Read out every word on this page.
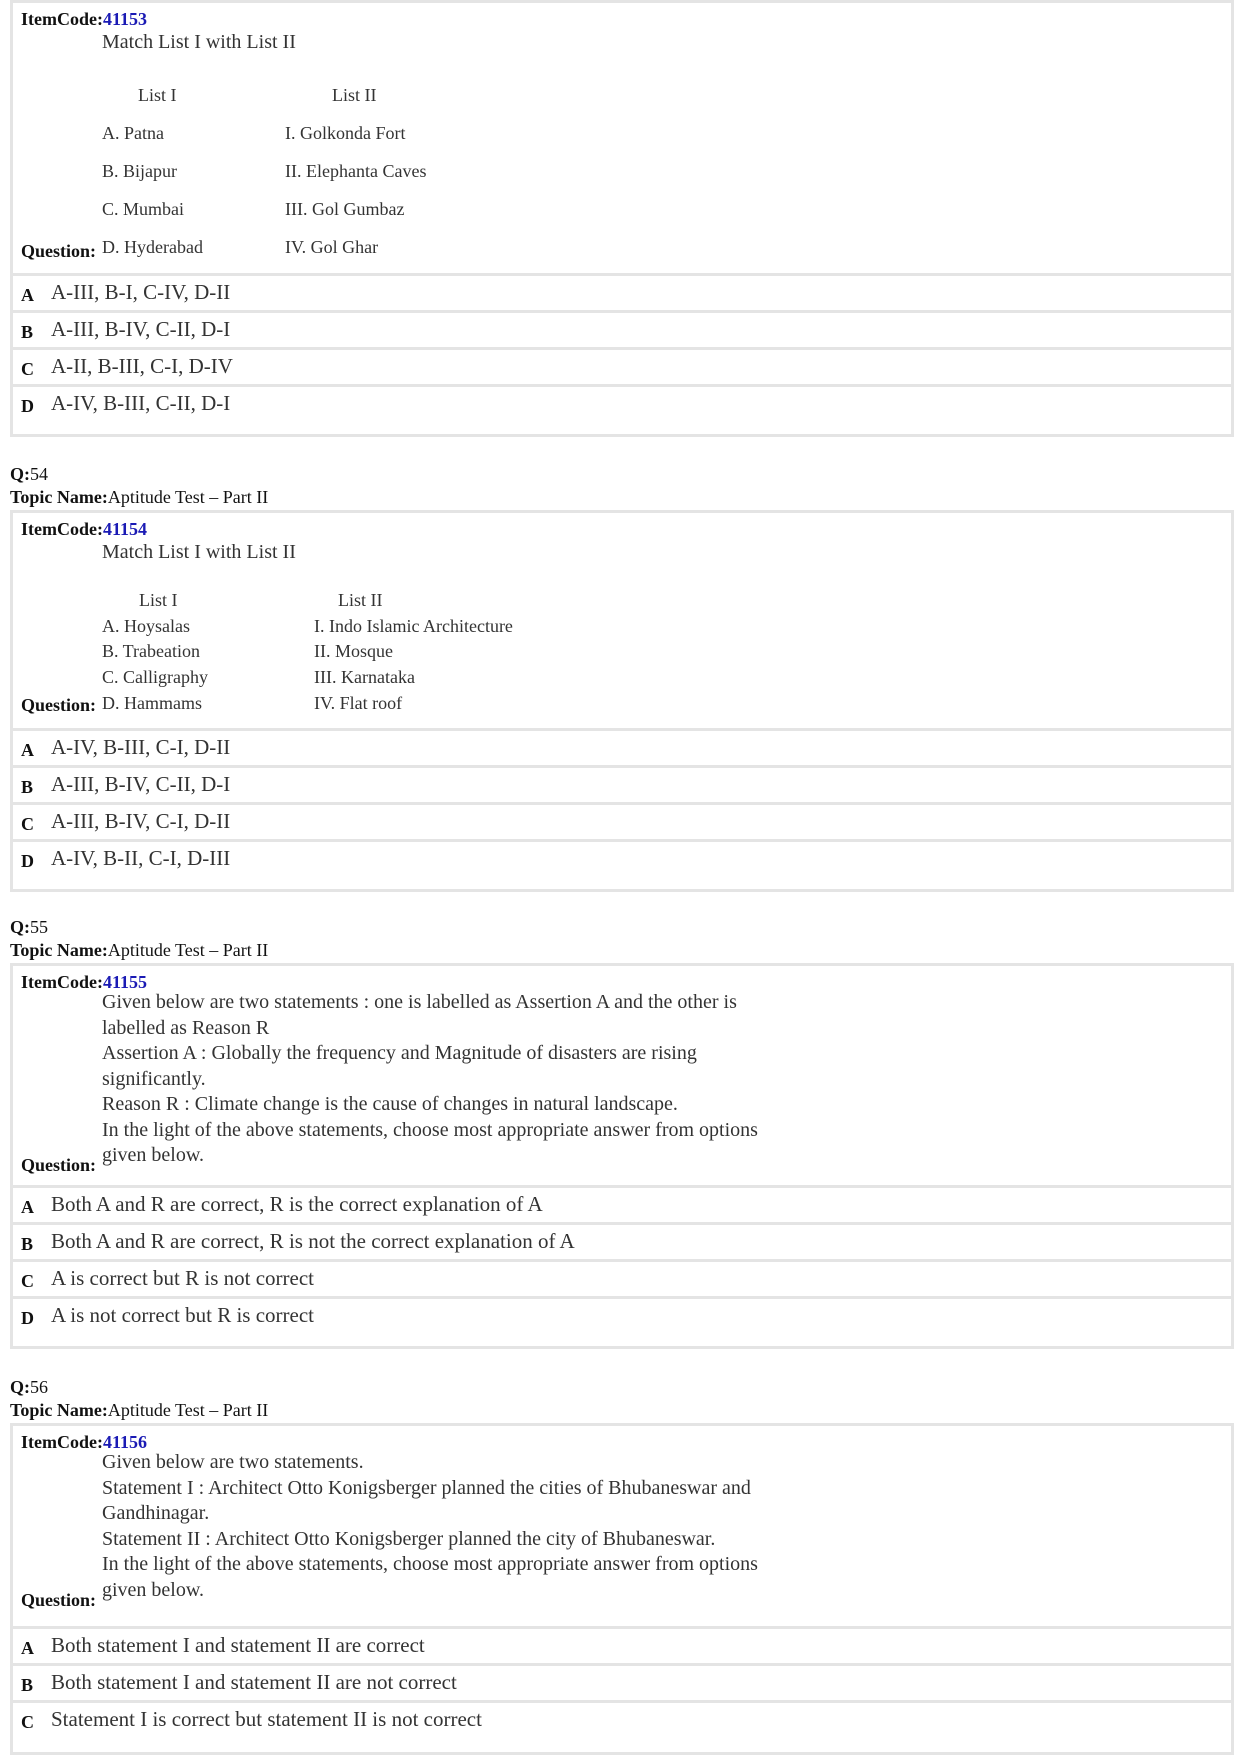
ItemCode:41153
Match List I with List II
List I	List II
A. Patna	I. Golkonda Fort
B. Bijapur	II. Elephanta Caves
C. Mumbai	III. Gol Gumbaz
Question: D. Hyderabad	IV. Gol Ghar
A A-III, B-I, C-IV, D-II
B A-III, B-IV, C-II, D-I
C A-II, B-III, C-I, D-IV
D A-IV, B-III, C-II, D-I
Q:54
Topic Name:Aptitude Test – Part II
ItemCode:41154
Match List I with List II
List I	List II
A. Hoysalas	I. Indo Islamic Architecture
B. Trabeation	II. Mosque
C. Calligraphy	III. Karnataka
Question: D. Hammams	IV. Flat roof
A A-IV, B-III, C-I, D-II
B A-III, B-IV, C-II, D-I
C A-III, B-IV, C-I, D-II
D A-IV, B-II, C-I, D-III
Q:55
Topic Name:Aptitude Test – Part II
ItemCode:41155
Given below are two statements : one is labelled as Assertion A and the other is
labelled as Reason R
Assertion A : Globally the frequency and Magnitude of disasters are rising
significantly.
Reason R : Climate change is the cause of changes in natural landscape.
In the light of the above statements, choose most appropriate answer from options
given below.
Question:
A Both A and R are correct, R is the correct explanation of A
B Both A and R are correct, R is not the correct explanation of A
C A is correct but R is not correct
D A is not correct but R is correct
Q:56
Topic Name:Aptitude Test – Part II
ItemCode:41156
Given below are two statements.
Statement I : Architect Otto Konigsberger planned the cities of Bhubaneswar and
Gandhinagar.
Statement II : Architect Otto Konigsberger planned the city of Bhubaneswar.
In the light of the above statements, choose most appropriate answer from options
given below.
Question:
A Both statement I and statement II are correct
B Both statement I and statement II are not correct
C Statement I is correct but statement II is not correct
